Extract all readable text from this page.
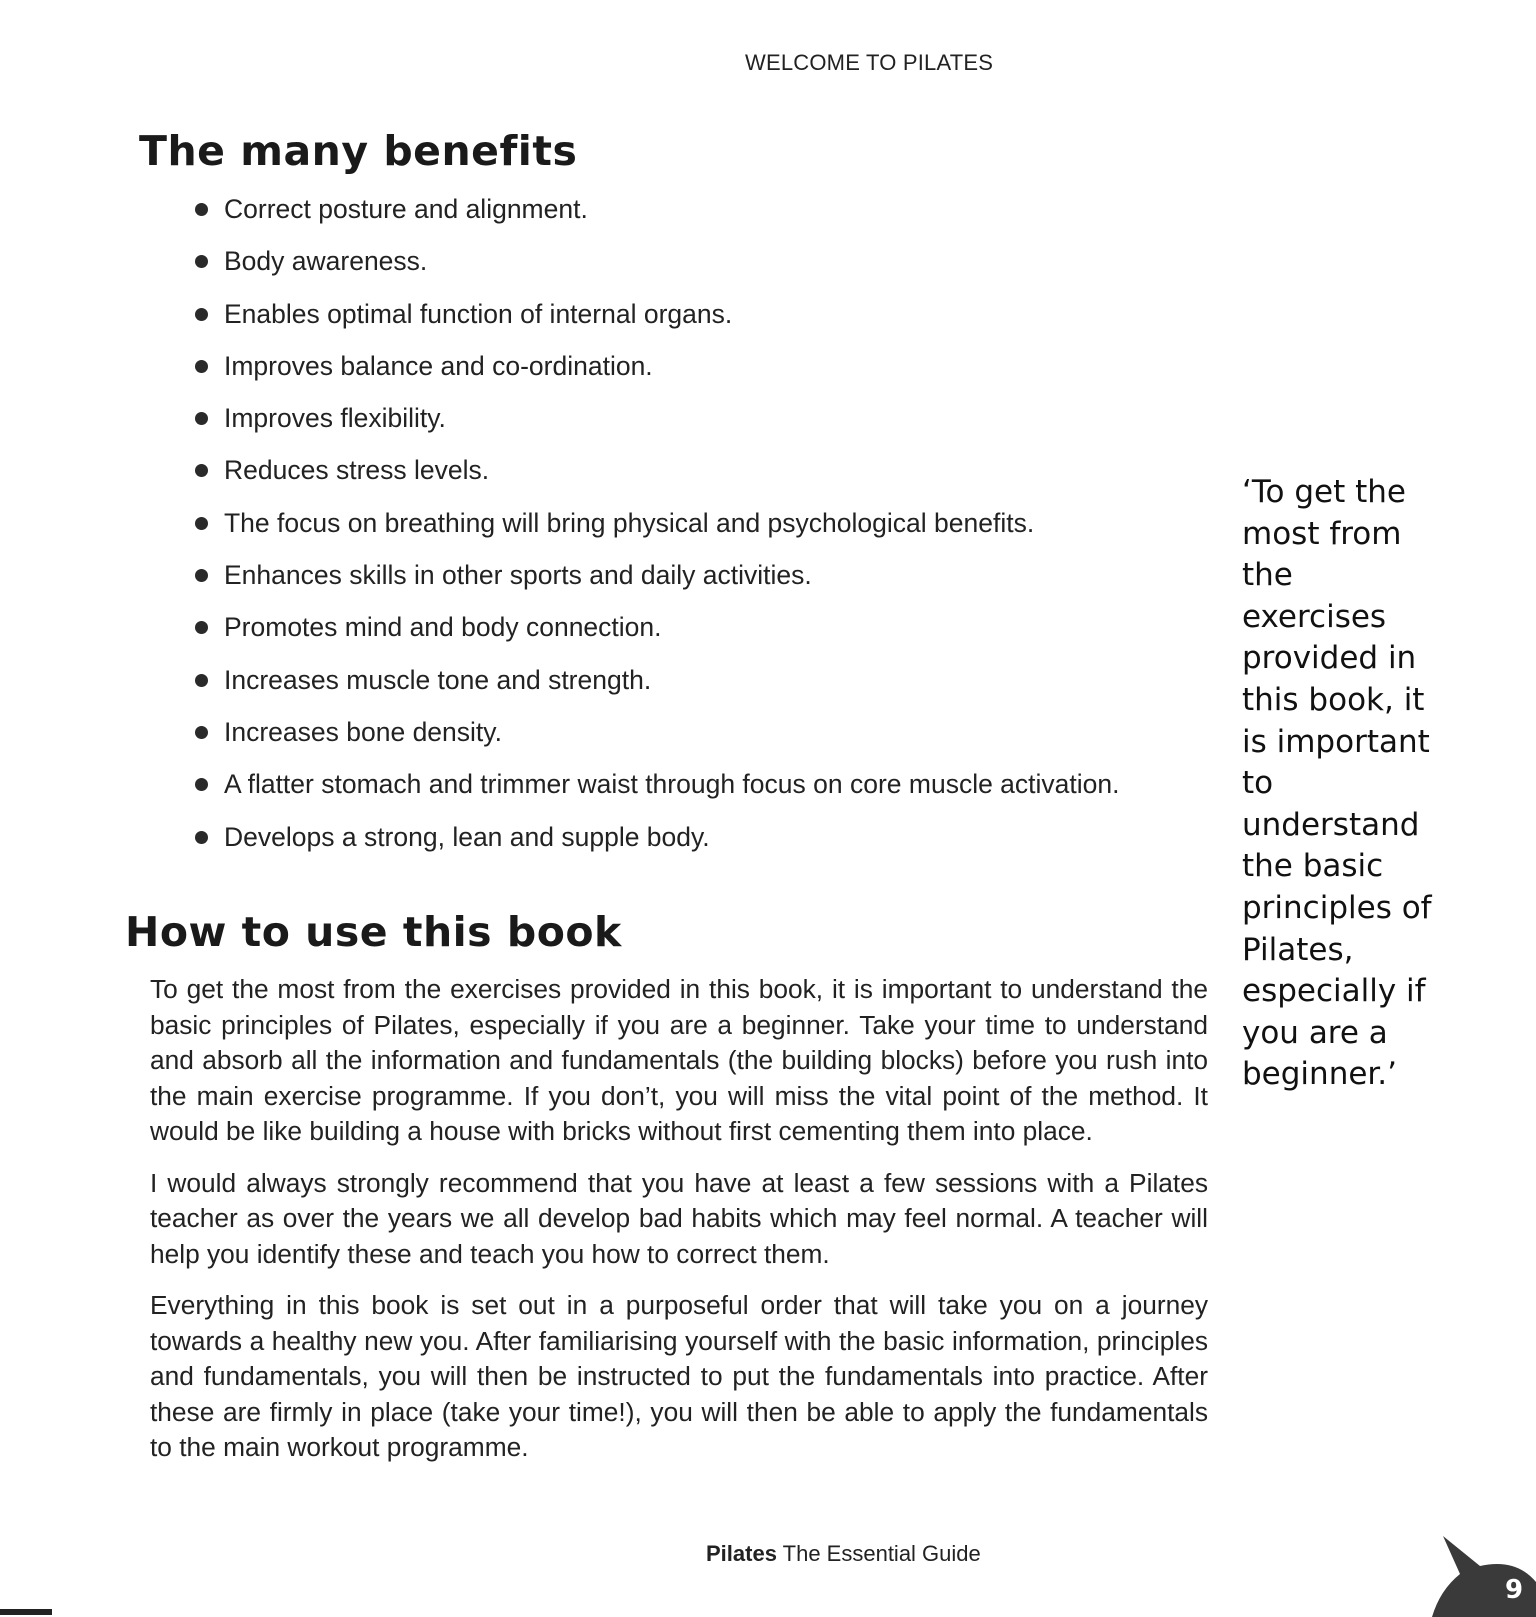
WELCOME TO PILATES
The many benefits
Correct posture and alignment.
Body awareness.
Enables optimal function of internal organs.
Improves balance and co-ordination.
Improves flexibility.
Reduces stress levels.
The focus on breathing will bring physical and psychological benefits.
Enhances skills in other sports and daily activities.
Promotes mind and body connection.
Increases muscle tone and strength.
Increases bone density.
A flatter stomach and trimmer waist through focus on core muscle activation.
Develops a strong, lean and supple body.
How to use this book

To get the most from the exercises provided in this book, it is important to understand the basic principles of Pilates, especially if you are a beginner. Take your time to understand and absorb all the information and fundamentals (the building blocks) before you rush into the main exercise programme. If you don’t, you will miss the vital point of the method. It would be like building a house with bricks without first cementing them into place.

I would always strongly recommend that you have at least a few sessions with a Pilates teacher as over the years we all develop bad habits which may feel normal. A teacher will help you identify these and teach you how to correct them.

Everything in this book is set out in a purposeful order that will take you on a journey towards a healthy new you. After familiarising yourself with the basic information, principles and fundamentals, you will then be instructed to put the fundamentals into practice. After these are firmly in place (take your time!), you will then be able to apply the fundamentals to the main workout programme.

‘To get the most from the exercises provided in this book, it is important to understand the basic principles of Pilates, especially if you are a beginner.’
Pilates The Essential Guide
9
